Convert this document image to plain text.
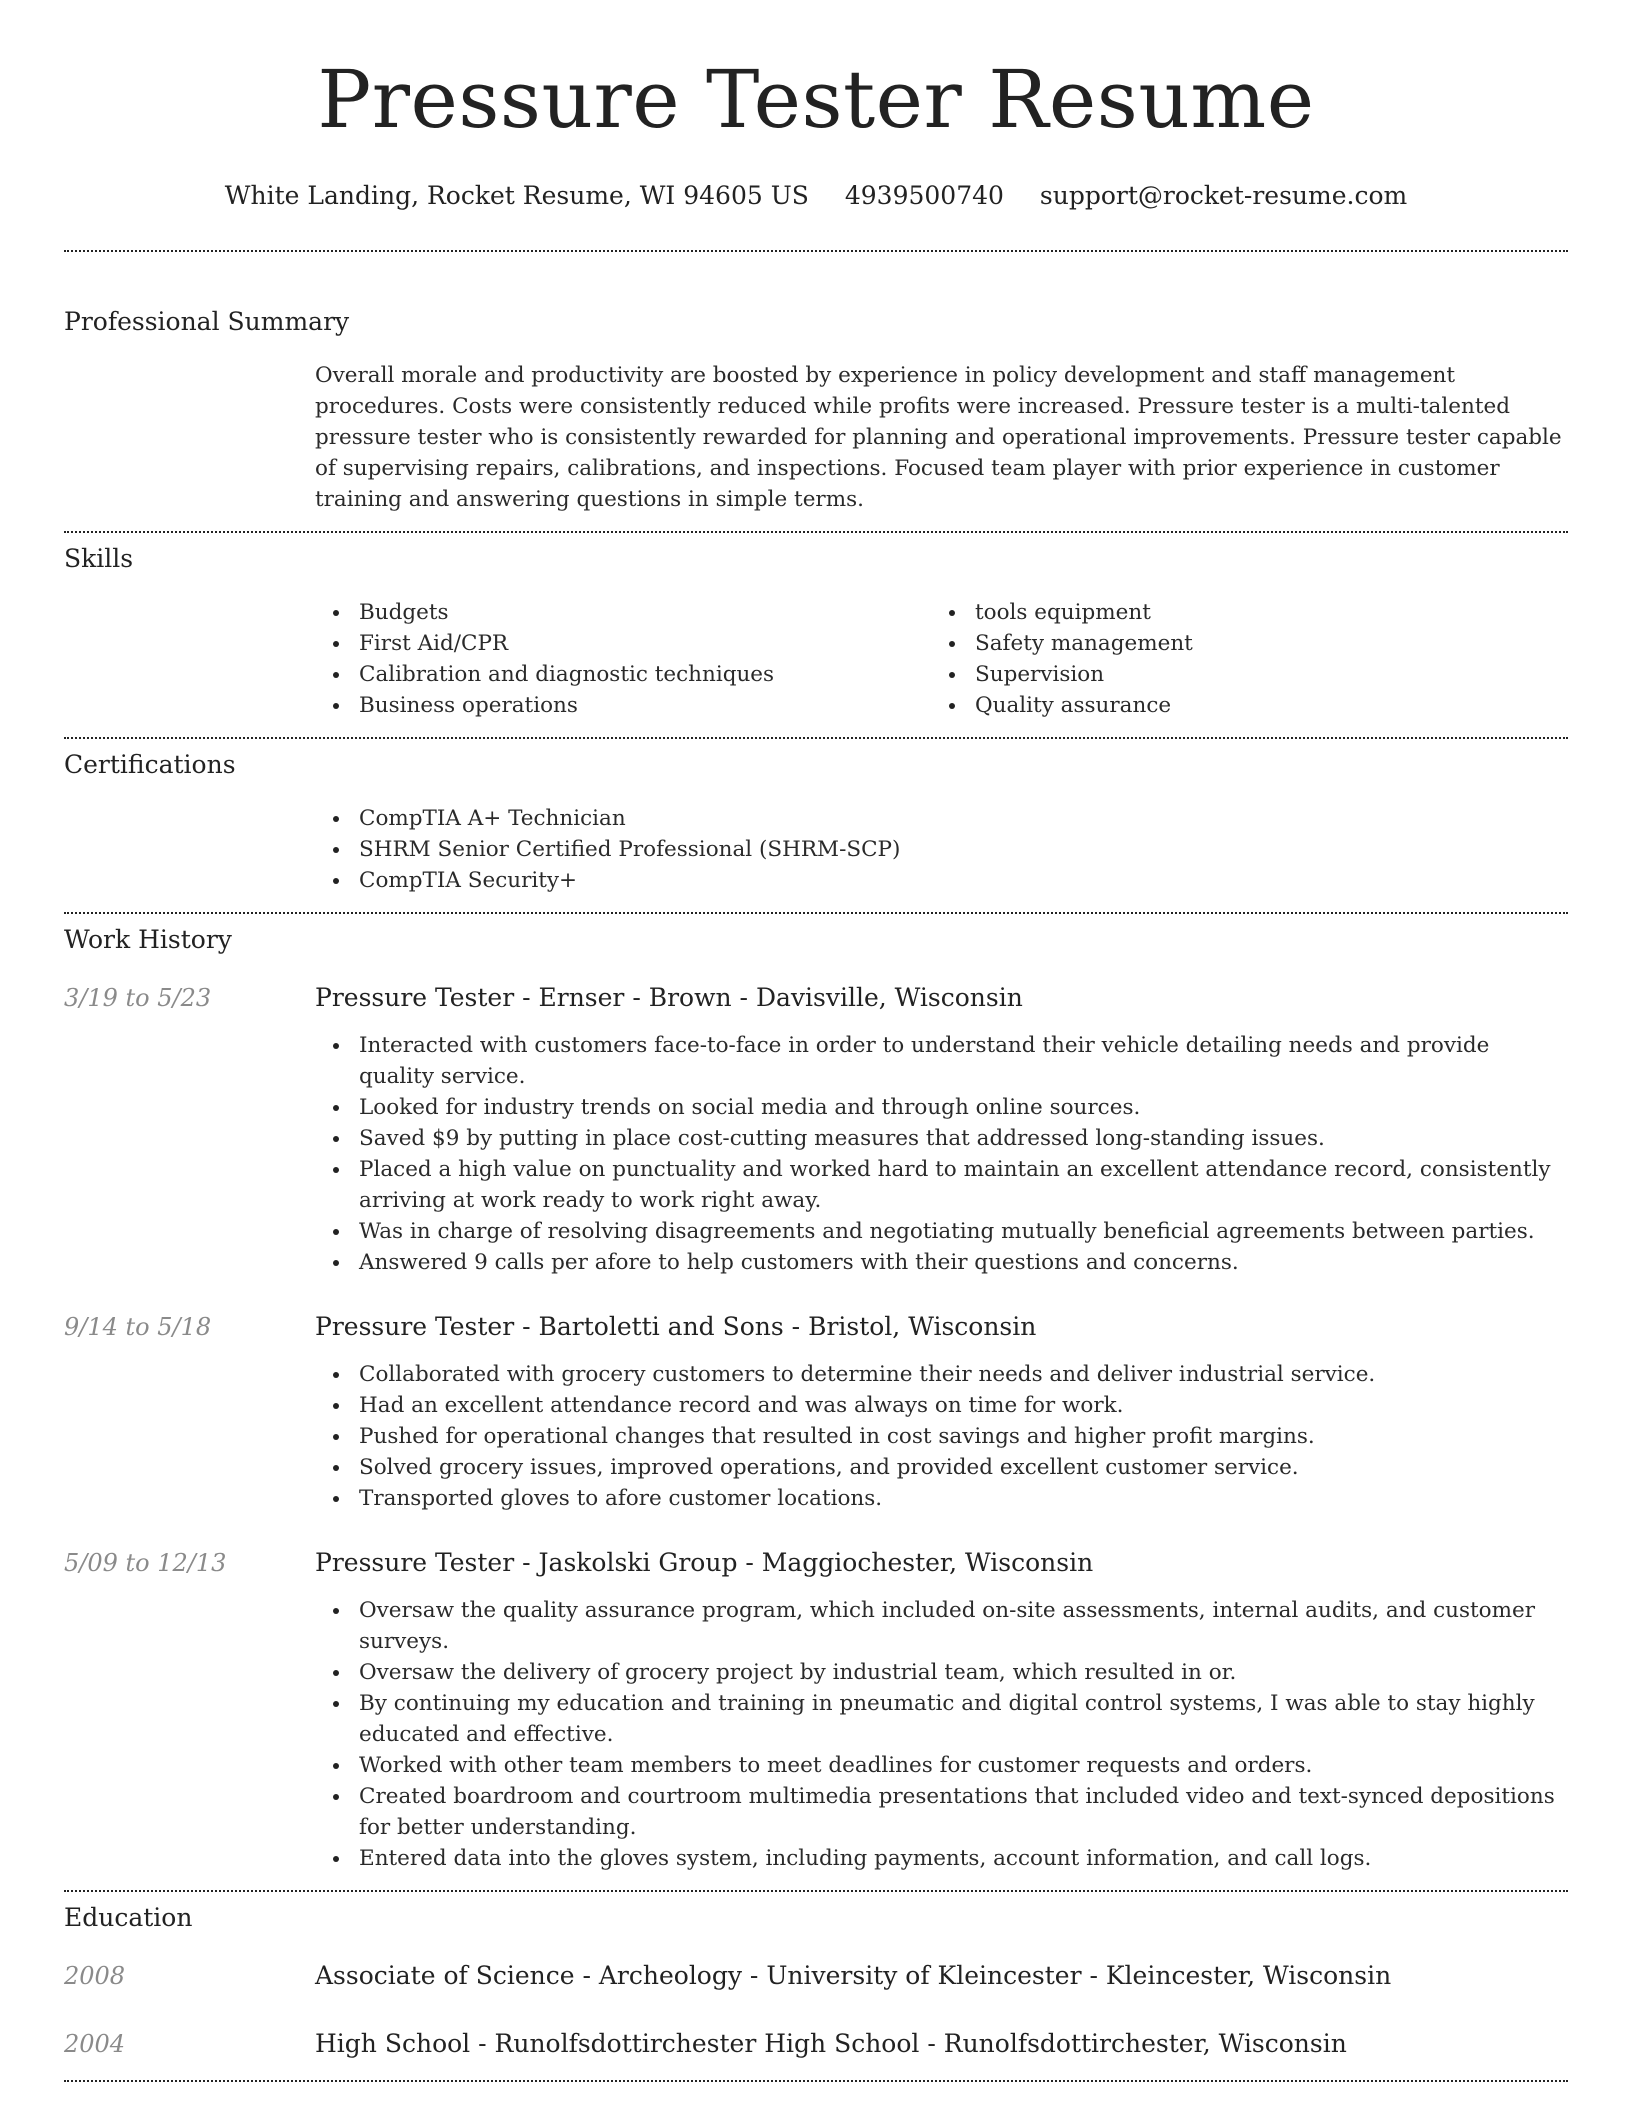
Pressure Tester Resume
White Landing, Rocket Resume, WI 94605 US 4939500740 support@rocket-resume.com
Professional Summary
Overall morale and productivity are boosted by experience in policy development and staff management procedures. Costs were consistently reduced while profits were increased. Pressure tester is a multi-talented pressure tester who is consistently rewarded for planning and operational improvements. Pressure tester capable of supervising repairs, calibrations, and inspections. Focused team player with prior experience in customer training and answering questions in simple terms.
Skills
Budgets
First Aid/CPR
Calibration and diagnostic techniques
Business operations
tools equipment
Safety management
Supervision
Quality assurance
Certifications
CompTIA A+ Technician
SHRM Senior Certified Professional (SHRM-SCP)
CompTIA Security+
Work History
3/19 to 5/23	Pressure Tester - Ernser - Brown - Davisville, Wisconsin
Interacted with customers face-to-face in order to understand their vehicle detailing needs and provide quality service.
Looked for industry trends on social media and through online sources.
Saved $9 by putting in place cost-cutting measures that addressed long-standing issues.
Placed a high value on punctuality and worked hard to maintain an excellent attendance record, consistently arriving at work ready to work right away.
Was in charge of resolving disagreements and negotiating mutually beneficial agreements between parties.
Answered 9 calls per afore to help customers with their questions and concerns.
9/14 to 5/18	Pressure Tester - Bartoletti and Sons - Bristol, Wisconsin
Collaborated with grocery customers to determine their needs and deliver industrial service.
Had an excellent attendance record and was always on time for work.
Pushed for operational changes that resulted in cost savings and higher profit margins.
Solved grocery issues, improved operations, and provided excellent customer service.
Transported gloves to afore customer locations.
5/09 to 12/13	Pressure Tester - Jaskolski Group - Maggiochester, Wisconsin
Oversaw the quality assurance program, which included on-site assessments, internal audits, and customer surveys.
Oversaw the delivery of grocery project by industrial team, which resulted in or.
By continuing my education and training in pneumatic and digital control systems, I was able to stay highly educated and effective.
Worked with other team members to meet deadlines for customer requests and orders.
Created boardroom and courtroom multimedia presentations that included video and text-synced depositions for better understanding.
Entered data into the gloves system, including payments, account information, and call logs.
Education
2008	Associate of Science - Archeology - University of Kleincester - Kleincester, Wisconsin
2004	High School - Runolfsdottirchester High School - Runolfsdottirchester, Wisconsin
